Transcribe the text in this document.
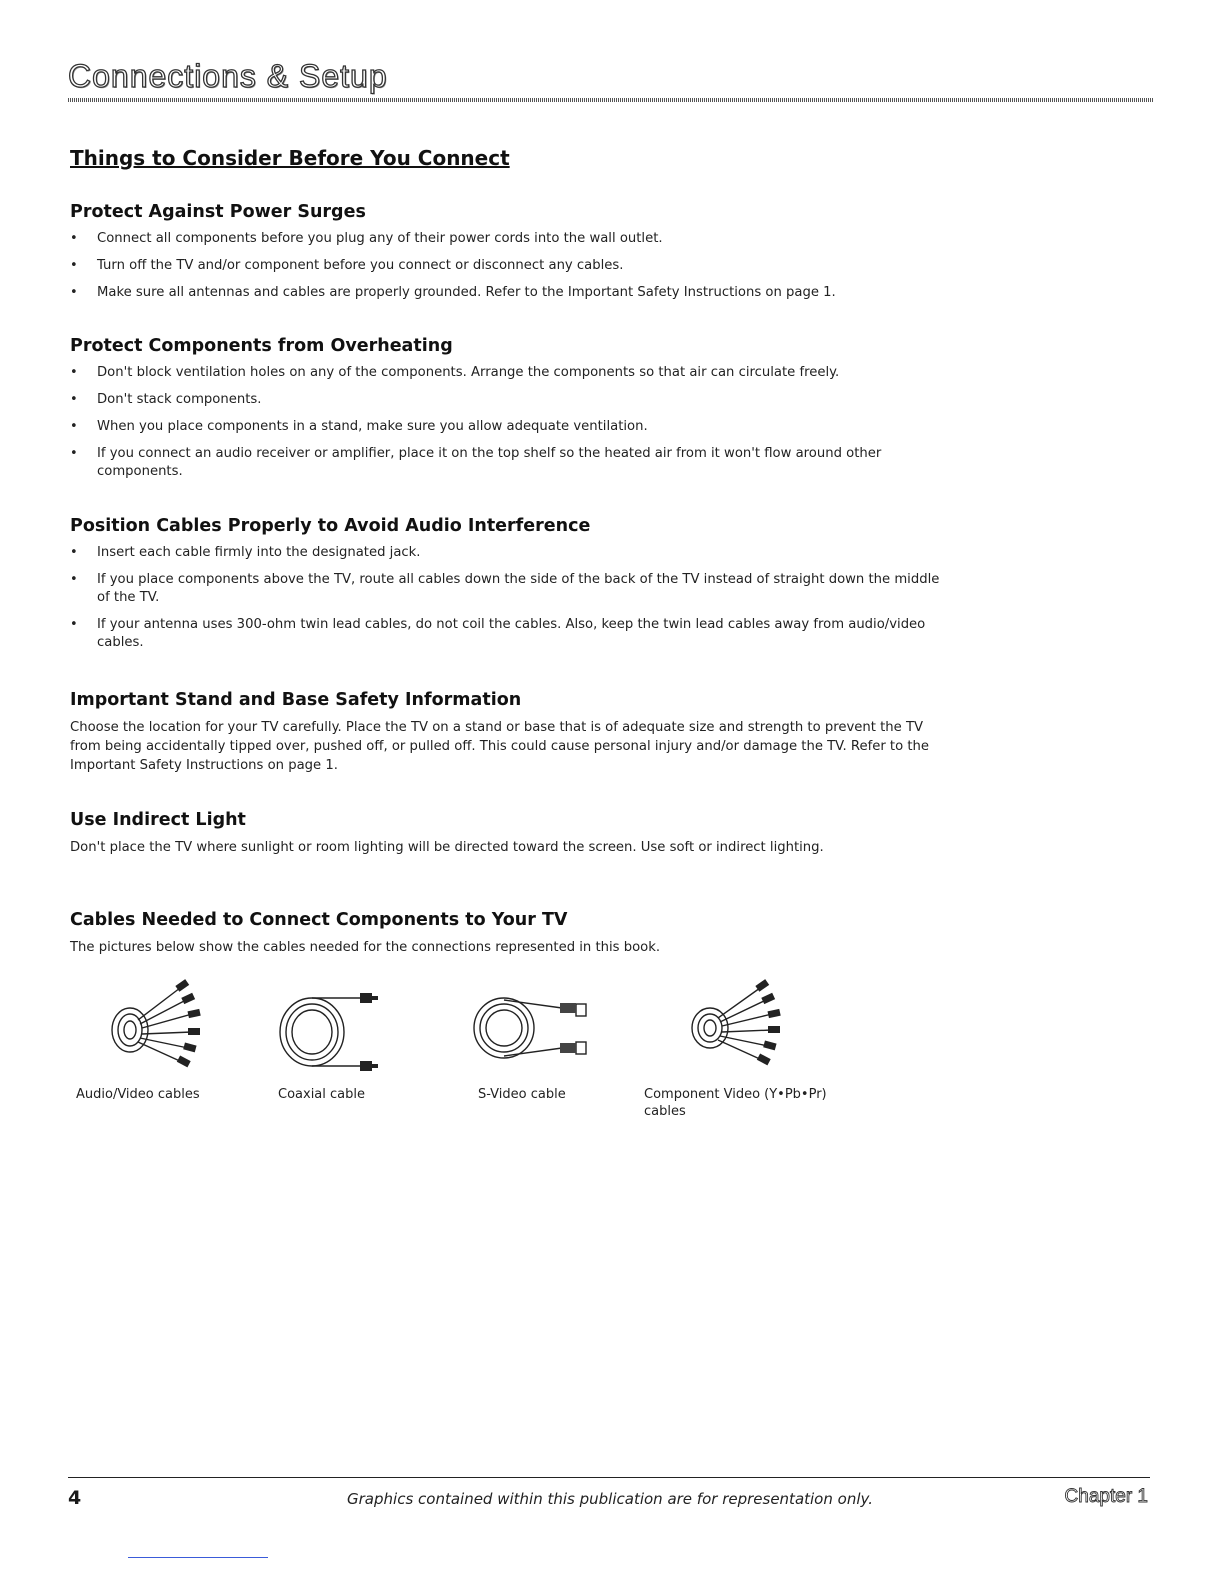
Connections & Setup
Things to Consider Before You Connect
Protect Against Power Surges
• Connect all components before you plug any of their power cords into the wall outlet.
• Turn off the TV and/or component before you connect or disconnect any cables.
• Make sure all antennas and cables are properly grounded. Refer to the Important Safety Instructions on page 1.
Protect Components from Overheating
• Don't block ventilation holes on any of the components. Arrange the components so that air can circulate freely.
• Don't stack components.
• When you place components in a stand, make sure you allow adequate ventilation.
• If you connect an audio receiver or amplifier, place it on the top shelf so the heated air from it won't flow around other components.
Position Cables Properly to Avoid Audio Interference
• Insert each cable firmly into the designated jack.
• If you place components above the TV, route all cables down the side of the back of the TV instead of straight down the middle of the TV.
• If your antenna uses 300-ohm twin lead cables, do not coil the cables. Also, keep the twin lead cables away from audio/video cables.
Important Stand and Base Safety Information

Choose the location for your TV carefully. Place the TV on a stand or base that is of adequate size and strength to prevent the TV from being accidentally tipped over, pushed off, or pulled off. This could cause personal injury and/or damage the TV. Refer to the Important Safety Instructions on page 1.

Use Indirect Light

Don't place the TV where sunlight or room lighting will be directed toward the screen. Use soft or indirect lighting.

Cables Needed to Connect Components to Your TV

The pictures below show the cables needed for the connections represented in this book.

Audio/Video cables	Coaxial cable	S-Video cable	Component Video (Y•Pb•Pr)
cables
4	Graphics contained within this publication are for representation only.	Chapter 1
